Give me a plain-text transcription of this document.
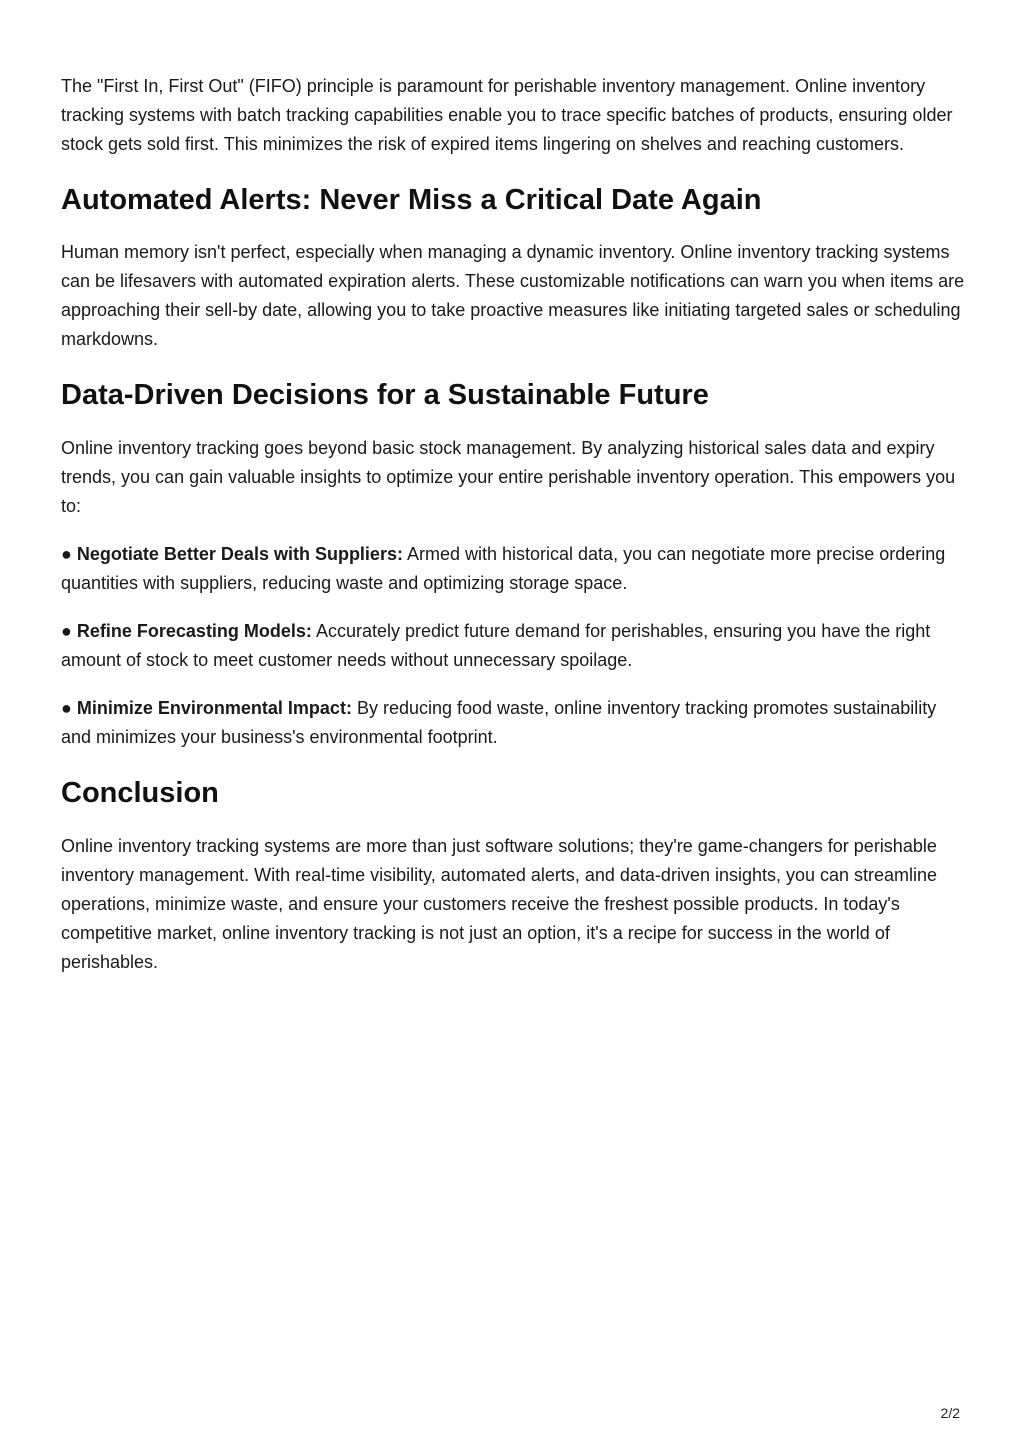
The "First In, First Out" (FIFO) principle is paramount for perishable inventory management. Online inventory tracking systems with batch tracking capabilities enable you to trace specific batches of products, ensuring older stock gets sold first. This minimizes the risk of expired items lingering on shelves and reaching customers.

Automated Alerts: Never Miss a Critical Date Again

Human memory isn't perfect, especially when managing a dynamic inventory. Online inventory tracking systems can be lifesavers with automated expiration alerts. These customizable notifications can warn you when items are approaching their sell-by date, allowing you to take proactive measures like initiating targeted sales or scheduling markdowns.

Data-Driven Decisions for a Sustainable Future

Online inventory tracking goes beyond basic stock management. By analyzing historical sales data and expiry trends, you can gain valuable insights to optimize your entire perishable inventory operation. This empowers you to:

● Negotiate Better Deals with Suppliers: Armed with historical data, you can negotiate more precise ordering quantities with suppliers, reducing waste and optimizing storage space.

● Refine Forecasting Models: Accurately predict future demand for perishables, ensuring you have the right amount of stock to meet customer needs without unnecessary spoilage.

● Minimize Environmental Impact: By reducing food waste, online inventory tracking promotes sustainability and minimizes your business's environmental footprint.

Conclusion

Online inventory tracking systems are more than just software solutions; they're game-changers for perishable inventory management. With real-time visibility, automated alerts, and data-driven insights, you can streamline operations, minimize waste, and ensure your customers receive the freshest possible products. In today's competitive market, online inventory tracking is not just an option, it's a recipe for success in the world of perishables.

2/2
